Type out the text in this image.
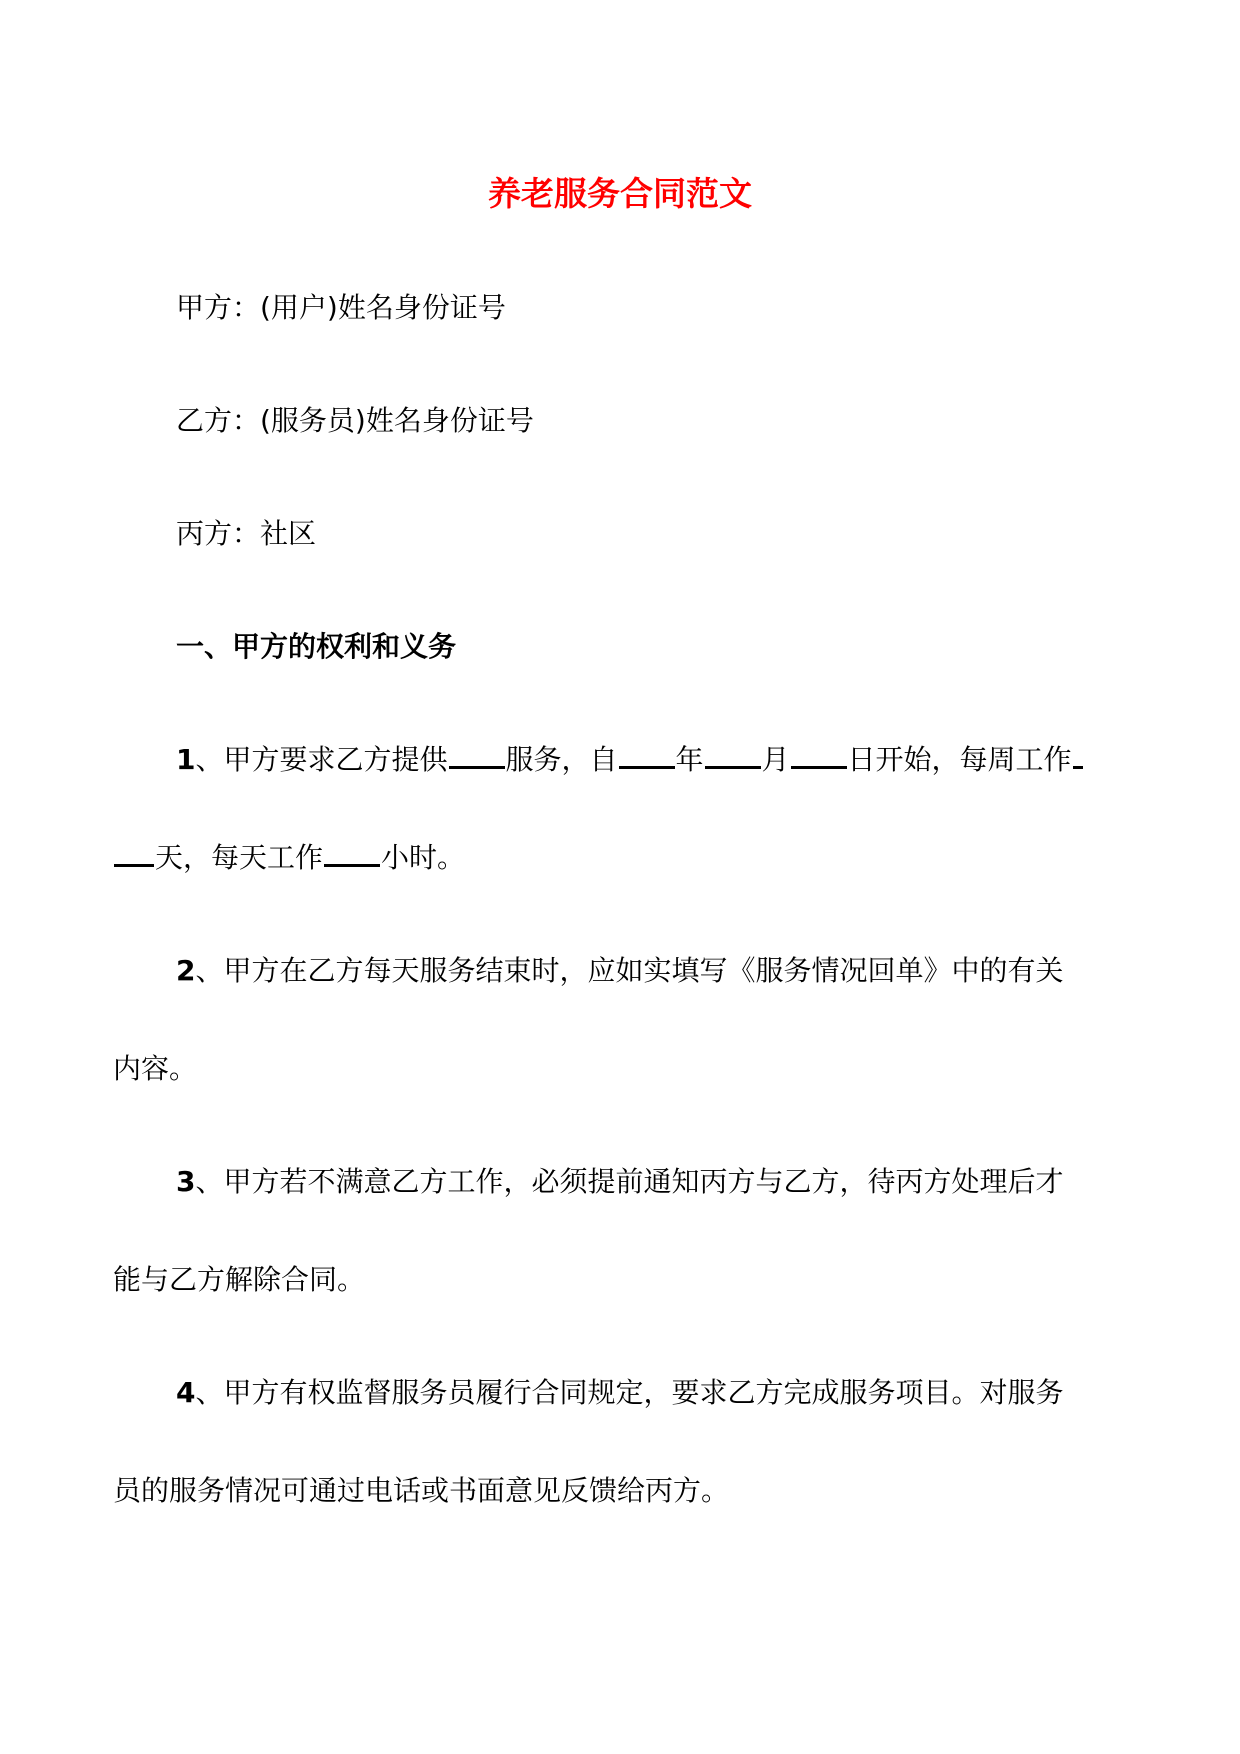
养老服务合同范文
甲方：(用户)姓名身份证号
乙方：(服务员)姓名身份证号
丙方：社区
一、甲方的权利和义务
1、甲方要求乙方提供 服务，自 年 月 日开始，每周工作
天，每天工作 小时。
2、甲方在乙方每天服务结束时，应如实填写《服务情况回单》中的有关
内容。
3、甲方若不满意乙方工作，必须提前通知丙方与乙方，待丙方处理后才
能与乙方解除合同。
4、甲方有权监督服务员履行合同规定，要求乙方完成服务项目。对服务
员的服务情况可通过电话或书面意见反馈给丙方。
